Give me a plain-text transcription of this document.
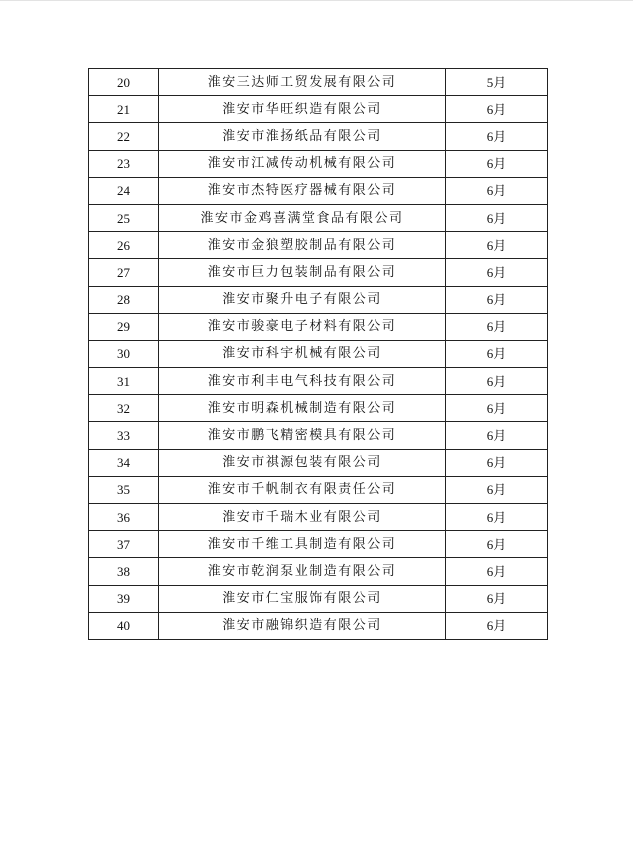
20	淮安三达师工贸发展有限公司	5月
21	淮安市华旺织造有限公司	6月
22	淮安市淮扬纸品有限公司	6月
23	淮安市江减传动机械有限公司	6月
24	淮安市杰特医疗器械有限公司	6月
25	淮安市金鸡喜满堂食品有限公司	6月
26	淮安市金狼塑胶制品有限公司	6月
27	淮安市巨力包装制品有限公司	6月
28	淮安市聚升电子有限公司	6月
29	淮安市骏豪电子材料有限公司	6月
30	淮安市科宇机械有限公司	6月
31	淮安市利丰电气科技有限公司	6月
32	淮安市明森机械制造有限公司	6月
33	淮安市鹏飞精密模具有限公司	6月
34	淮安市祺源包装有限公司	6月
35	淮安市千帆制衣有限责任公司	6月
36	淮安市千瑞木业有限公司	6月
37	淮安市千维工具制造有限公司	6月
38	淮安市乾润泵业制造有限公司	6月
39	淮安市仁宝服饰有限公司	6月
40	淮安市融锦织造有限公司	6月
